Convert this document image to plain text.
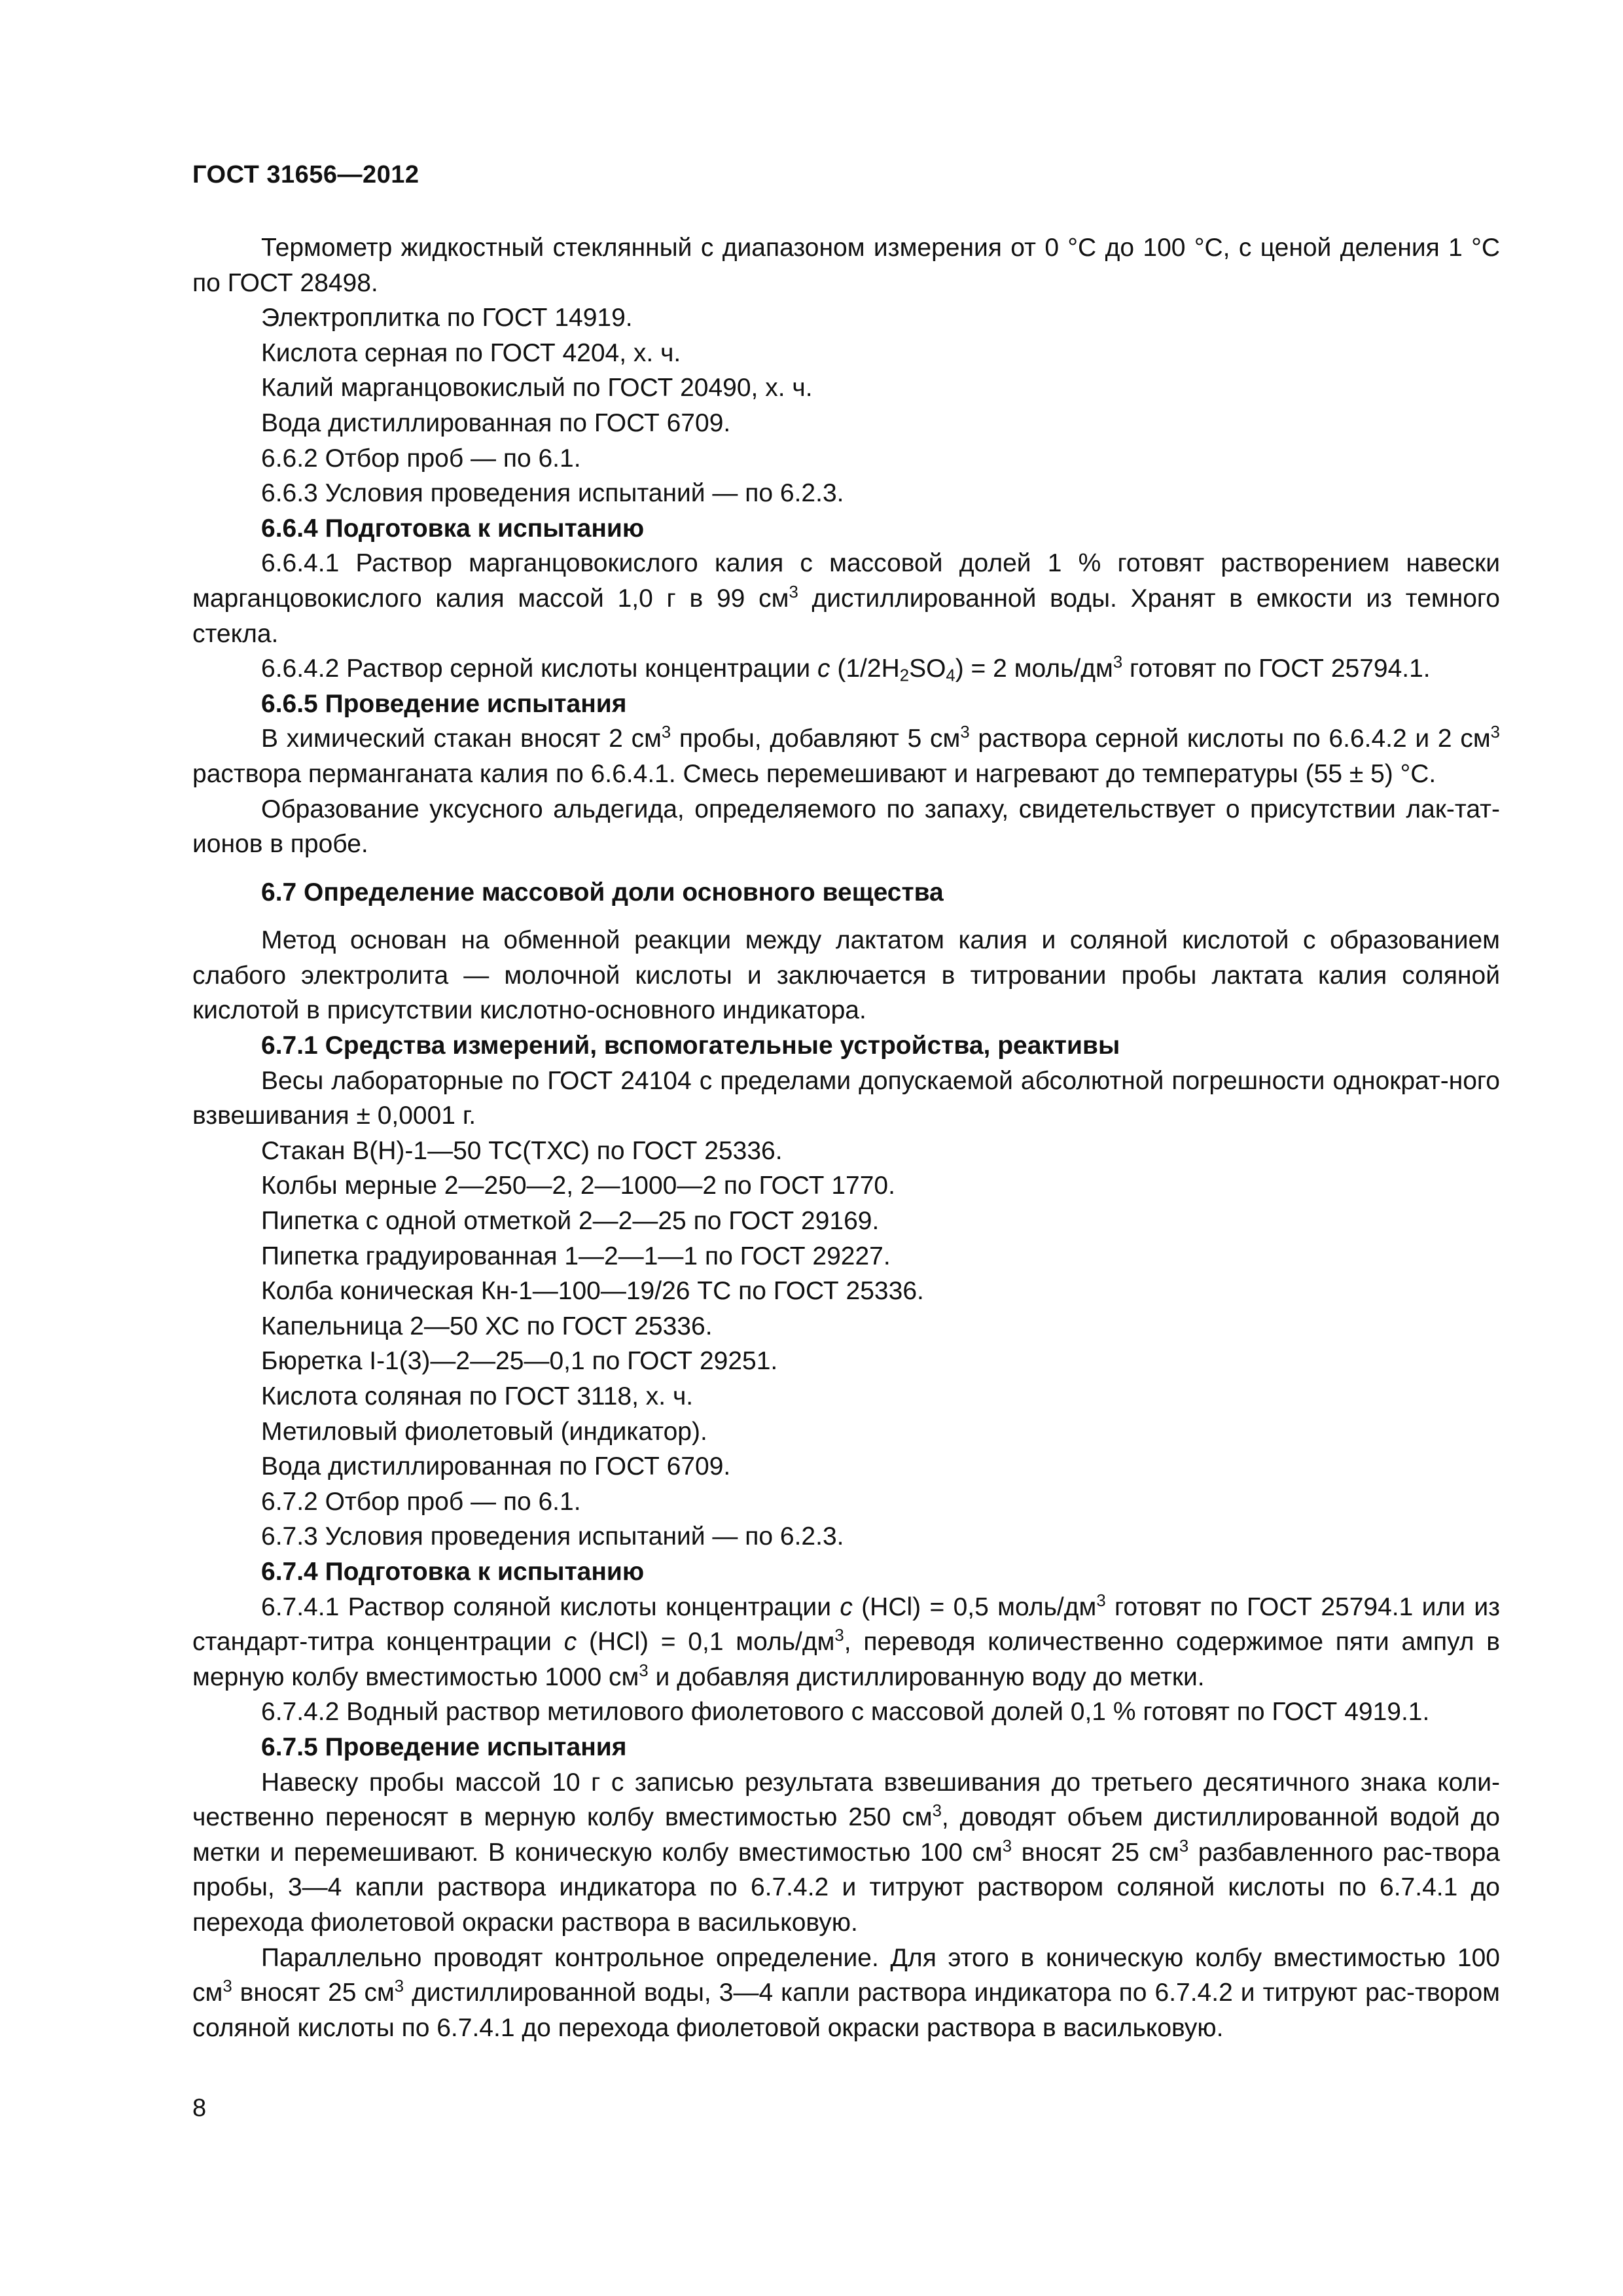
ГОСТ 31656—2012

Термометр жидкостный стеклянный с диапазоном измерения от 0 °С до 100 °С, с ценой деления 1 °С по ГОСТ 28498.

Электроплитка по ГОСТ 14919.

Кислота серная по ГОСТ 4204, х. ч.

Калий марганцовокислый по ГОСТ 20490, х. ч.

Вода дистиллированная по ГОСТ 6709.

6.6.2 Отбор проб — по 6.1.

6.6.3 Условия проведения испытаний — по 6.2.3.

6.6.4 Подготовка к испытанию

6.6.4.1 Раствор марганцовокислого калия с массовой долей 1 % готовят растворением навески марганцовокислого калия массой 1,0 г в 99 $см^3$ дистиллированной воды. Хранят в емкости из темного стекла.

6.6.4.2 Раствор серной кислоты концентрации с $(1/2H_2SO_4) = 2$ моль/$дм^3$ готовят по ГОСТ 25794.1.

6.6.5 Проведение испытания

В химический стакан вносят 2 $см^3$ пробы, добавляют 5 $см^3$ раствора серной кислоты по 6.6.4.2 и 2 $см^3$ раствора перманганата калия по 6.6.4.1. Смесь перемешивают и нагревают до температуры (55 ± 5) °С.

Образование уксусного альдегида, определяемого по запаху, свидетельствует о присутствии лак-тат-ионов в пробе.

6.7 Определение массовой доли основного вещества

Метод основан на обменной реакции между лактатом калия и соляной кислотой с образованием слабого электролита — молочной кислоты и заключается в титровании пробы лактата калия соляной кислотой в присутствии кислотно-основного индикатора.

6.7.1 Средства измерений, вспомогательные устройства, реактивы

Весы лабораторные по ГОСТ 24104 с пределами допускаемой абсолютной погрешности однократ-ного взвешивания ± 0,0001 г.

Стакан В(Н)-1—50 ТС(ТХС) по ГОСТ 25336.

Колбы мерные 2—250—2, 2—1000—2 по ГОСТ 1770.

Пипетка с одной отметкой 2—2—25 по ГОСТ 29169.

Пипетка градуированная 1—2—1—1 по ГОСТ 29227.

Колба коническая Кн-1—100—19/26 ТС по ГОСТ 25336.

Капельница 2—50 ХС по ГОСТ 25336.

Бюретка I-1(3)—2—25—0,1 по ГОСТ 29251.

Кислота соляная по ГОСТ 3118, х. ч.

Метиловый фиолетовый (индикатор).

Вода дистиллированная по ГОСТ 6709.

6.7.2 Отбор проб — по 6.1.

6.7.3 Условия проведения испытаний — по 6.2.3.

6.7.4 Подготовка к испытанию

6.7.4.1 Раствор соляной кислоты концентрации с (HCl) = 0,5 моль/$дм^3$ готовят по ГОСТ 25794.1 или из стандарт-титра концентрации с (HCl) = 0,1 моль/$дм^3$, переводя количественно содержимое пяти ампул в мерную колбу вместимостью 1000 $см^3$ и добавляя дистиллированную воду до метки.

6.7.4.2 Водный раствор метилового фиолетового с массовой долей 0,1 % готовят по ГОСТ 4919.1.

6.7.5 Проведение испытания

Навеску пробы массой 10 г с записью результата взвешивания до третьего десятичного знака коли-чественно переносят в мерную колбу вместимостью 250 $см^3$, доводят объем дистиллированной водой до метки и перемешивают. В коническую колбу вместимостью 100 $см^3$ вносят 25 $см^3$ разбавленного рас-твора пробы, 3—4 капли раствора индикатора по 6.7.4.2 и титруют раствором соляной кислоты по 6.7.4.1 до перехода фиолетовой окраски раствора в васильковую.

Параллельно проводят контрольное определение. Для этого в коническую колбу вместимостью 100 $см^3$ вносят 25 $см^3$ дистиллированной воды, 3—4 капли раствора индикатора по 6.7.4.2 и титруют рас-твором соляной кислоты по 6.7.4.1 до перехода фиолетовой окраски раствора в васильковую.

8
